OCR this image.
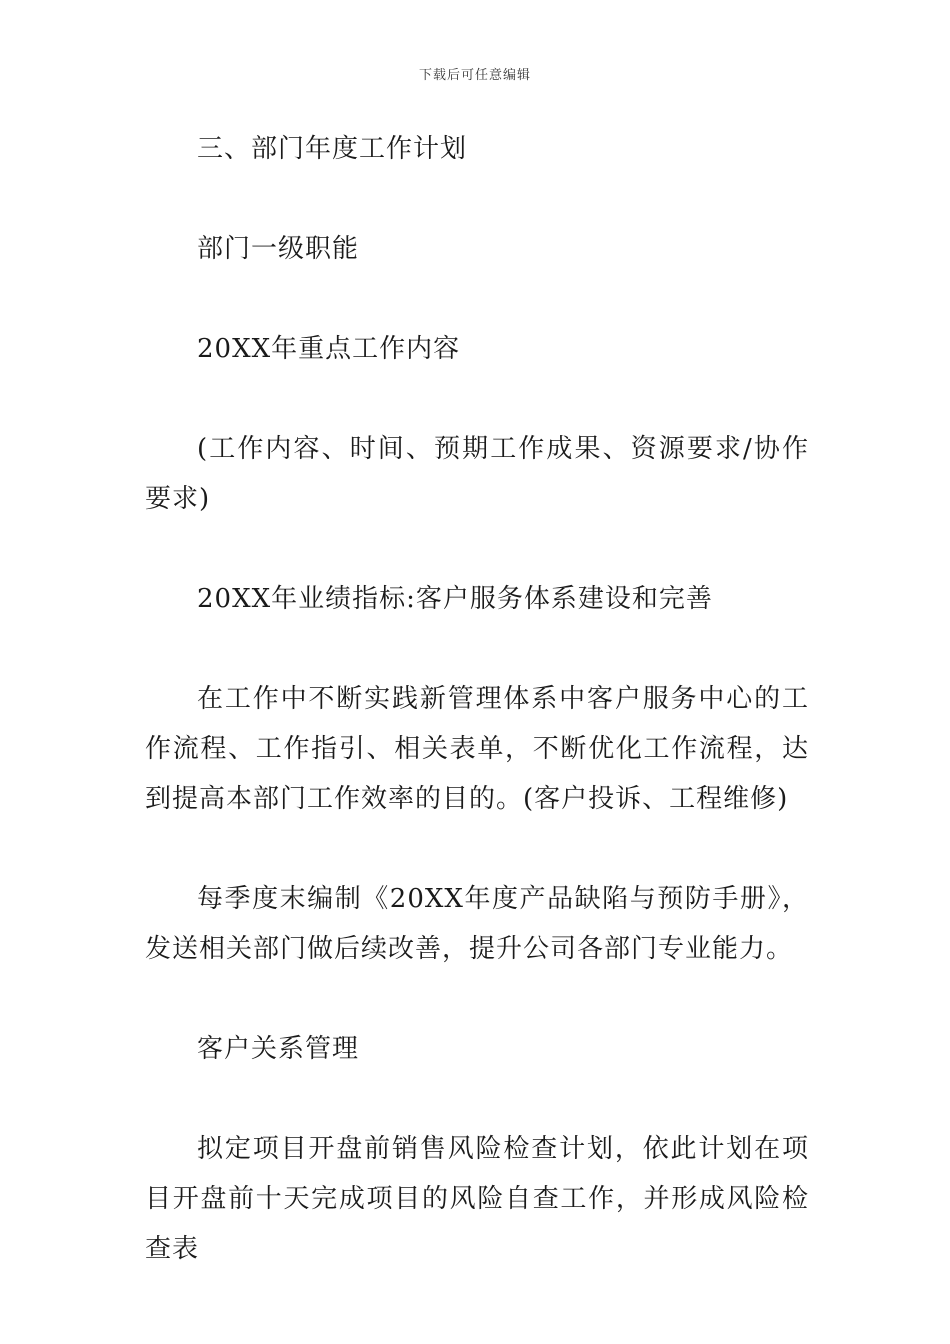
下载后可任意编辑

三、部门年度工作计划

部门一级职能

20XX年重点工作内容

(工作内容、时间、预期工作成果、资源要求/协作要求)

20XX年业绩指标:客户服务体系建设和完善

在工作中不断实践新管理体系中客户服务中心的工作流程、工作指引、相关表单，不断优化工作流程，达到提高本部门工作效率的目的。(客户投诉、工程维修)

每季度末编制《20XX年度产品缺陷与预防手册》，发送相关部门做后续改善，提升公司各部门专业能力。

客户关系管理

拟定项目开盘前销售风险检查计划，依此计划在项目开盘前十天完成项目的风险自查工作，并形成风险检查表
